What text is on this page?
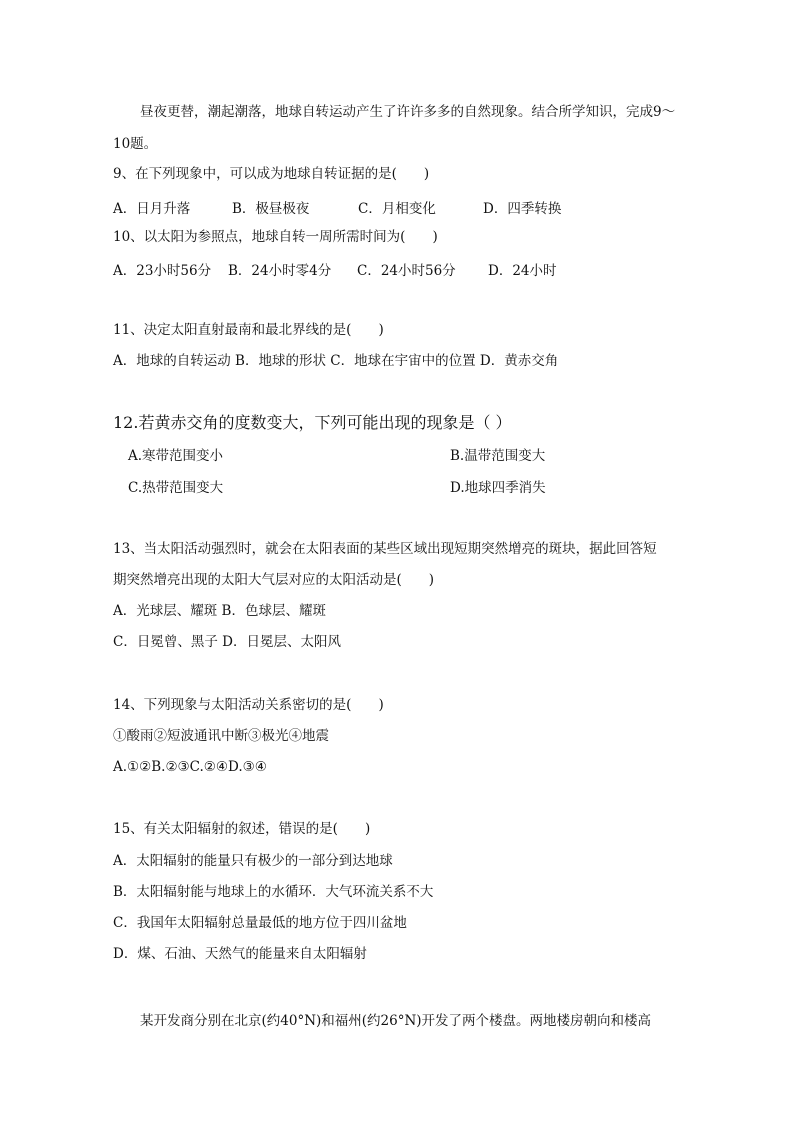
昼夜更替，潮起潮落，地球自转运动产生了许许多多的自然现象。结合所学知识，完成9～
10题。
9、在下列现象中，可以成为地球自转证据的是(　　)
A．日月升落	B．极昼极夜	C．月相变化	D．四季转换
10、以太阳为参照点，地球自转一周所需时间为(　　)
A．23小时56分 B．24小时零4分 C．24小时56分 D．24小时
11、决定太阳直射最南和最北界线的是(　　)
A．地球的自转运动 B．地球的形状 C．地球在宇宙中的位置 D．黄赤交角
12.若黄赤交角的度数变大，下列可能出现的现象是（ ）
A.寒带范围变小	B.温带范围变大
C.热带范围变大	D.地球四季消失
13、当太阳活动强烈时，就会在太阳表面的某些区域出现短期突然增亮的斑块，据此回答短
期突然增亮出现的太阳大气层对应的太阳活动是(　　)
A．光球层、耀斑 B．色球层、耀斑
C．日冕曾、黑子 D．日冕层、太阳风
14、下列现象与太阳活动关系密切的是(　　)
①酸雨②短波通讯中断③极光④地震
A.①②B.②③C.②④D.③④
15、有关太阳辐射的叙述，错误的是(　　)
A．太阳辐射的能量只有极少的一部分到达地球
B．太阳辐射能与地球上的水循环．大气环流关系不大
C．我国年太阳辐射总量最低的地方位于四川盆地
D．煤、石油、天然气的能量来自太阳辐射
某开发商分别在北京(约40°N)和福州(约26°N)开发了两个楼盘。两地楼房朝向和楼高
